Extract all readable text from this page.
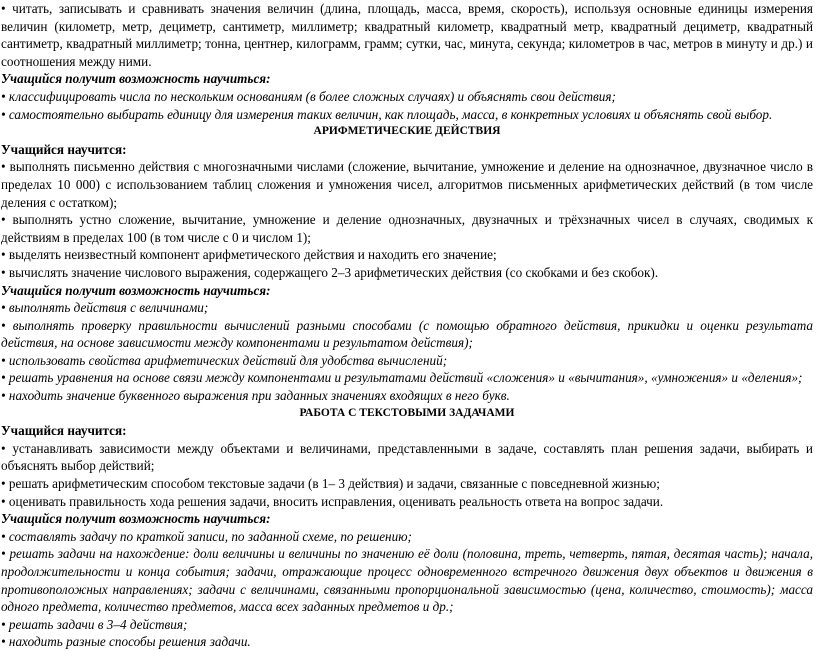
• читать, записывать и сравнивать значения величин (длина, площадь, масса, время, скорость), используя основные единицы измерения величин (километр, метр, дециметр, сантиметр, миллиметр; квадратный километр, квадратный метр, квадратный дециметр, квадратный сантиметр, квадратный миллиметр; тонна, центнер, килограмм, грамм; сутки, час, минута, секунда; километров в час, метров в минуту и др.) и соотношения между ними.

Учащийся получит возможность научиться:

• классифицировать числа по нескольким основаниям (в более сложных случаях) и объяснять свои действия;

• самостоятельно выбирать единицу для измерения таких величин, как площадь, масса, в конкретных условиях и объяснять свой выбор.

АРИФМЕТИЧЕСКИЕ ДЕЙСТВИЯ

Учащийся научится:

• выполнять письменно действия с многозначными числами (сложение, вычитание, умножение и деление на однозначное, двузначное число в пределах 10 000) с использованием таблиц сложения и умножения чисел, алгоритмов письменных арифметических действий (в том числе деления с остатком);

• выполнять устно сложение, вычитание, умножение и деление однозначных, двузначных и трёхзначных чисел в случаях, сводимых к действиям в пределах 100 (в том числе с 0 и числом 1);

• выделять неизвестный компонент арифметического действия и находить его значение;

• вычислять значение числового выражения, содержащего 2–3 арифметических действия (со скобками и без скобок).

Учащийся получит возможность научиться:

• выполнять действия с величинами;

• выполнять проверку правильности вычислений разными способами (с помощью обратного действия, прикидки и оценки результата действия, на основе зависимости между компонентами и результатом действия);

• использовать свойства арифметических действий для удобства вычислений;

• решать уравнения на основе связи между компонентами и результатами действий «сложения» и «вычитания», «умножения» и «деления»;

• находить значение буквенного выражения при заданных значениях входящих в него букв.

РАБОТА С ТЕКСТОВЫМИ ЗАДАЧАМИ

Учащийся научится:

• устанавливать зависимости между объектами и величинами, представленными в задаче, составлять план решения задачи, выбирать и объяснять выбор действий;

• решать арифметическим способом текстовые задачи (в 1– 3 действия) и задачи, связанные с повседневной жизнью;

• оценивать правильность хода решения задачи, вносить исправления, оценивать реальность ответа на вопрос задачи.

Учащийся получит возможность научиться:

• составлять задачу по краткой записи, по заданной схеме, по решению;

• решать задачи на нахождение: доли величины и величины по значению её доли (половина, треть, четверть, пятая, десятая часть); начала, продолжительности и конца события; задачи, отражающие процесс одновременного встречного движения двух объектов и движения в противоположных направлениях; задачи с величинами, связанными пропорциональной зависимостью (цена, количество, стоимость); масса одного предмета, количество предметов, масса всех заданных предметов и др.;

• решать задачи в 3–4 действия;

• находить разные способы решения задачи.
